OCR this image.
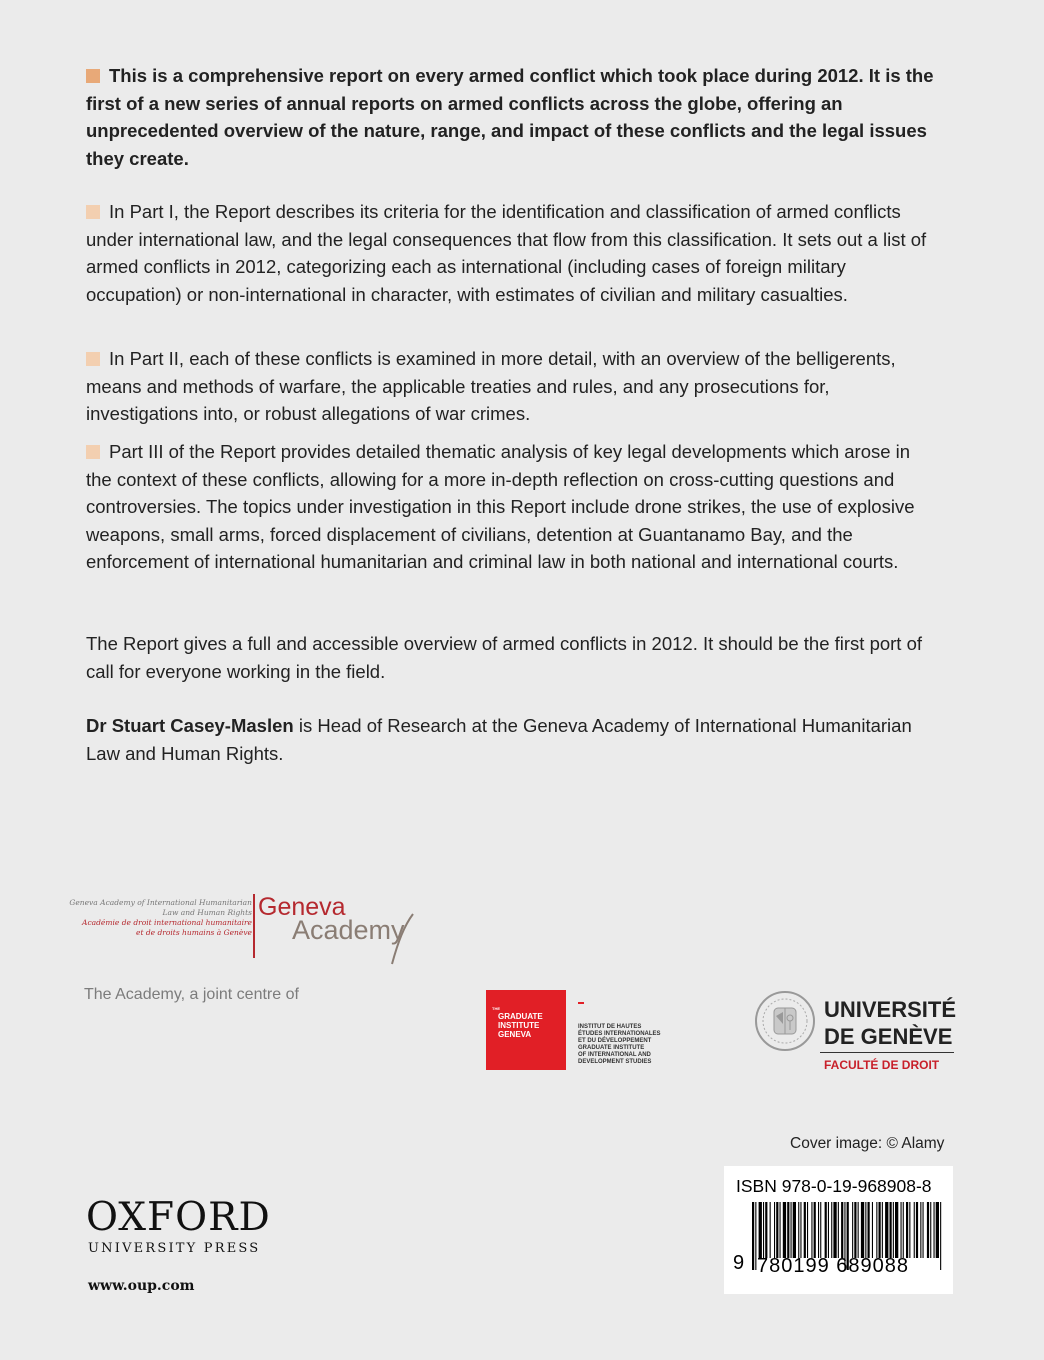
This is a comprehensive report on every armed conflict which took place during 2012. It is the first of a new series of annual reports on armed conflicts across the globe, offering an unprecedented overview of the nature, range, and impact of these conflicts and the legal issues they create.

In Part I, the Report describes its criteria for the identification and classification of armed conflicts under international law, and the legal consequences that flow from this classification. It sets out a list of armed conflicts in 2012, categorizing each as international (including cases of foreign military occupation) or non-international in character, with estimates of civilian and military casualties.

In Part II, each of these conflicts is examined in more detail, with an overview of the belligerents, means and methods of warfare, the applicable treaties and rules, and any prosecutions for, investigations into, or robust allegations of war crimes.

Part III of the Report provides detailed thematic analysis of key legal developments which arose in the context of these conflicts, allowing for a more in-depth reflection on cross-cutting questions and controversies. The topics under investigation in this Report include drone strikes, the use of explosive weapons, small arms, forced displacement of civilians, detention at Guantanamo Bay, and the enforcement of international humanitarian and criminal law in both national and international courts.

The Report gives a full and accessible overview of armed conflicts in 2012. It should be the first port of call for everyone working in the field.

Dr Stuart Casey-Maslen is Head of Research at the Geneva Academy of International Humanitarian Law and Human Rights.

Geneva Academy of International Humanitarian
Law and Human Rights
Académie de droit international humanitaire
et de droits humains à Genève
Geneva
Academy
The Academy, a joint centre of
THE
GRADUATE
INSTITUTE
GENEVA
INSTITUT DE HAUTES
ÉTUDES INTERNATIONALES
ET DU DÉVELOPPEMENT
GRADUATE INSTITUTE
OF INTERNATIONAL AND
DEVELOPMENT STUDIES
UNIVERSITÉ
DE GENÈVE
FACULTÉ DE DROIT
Cover image: © Alamy
ISBN 978-0-19-968908-8
9 780199 689088
OXFORD
UNIVERSITY PRESS
www.oup.com
